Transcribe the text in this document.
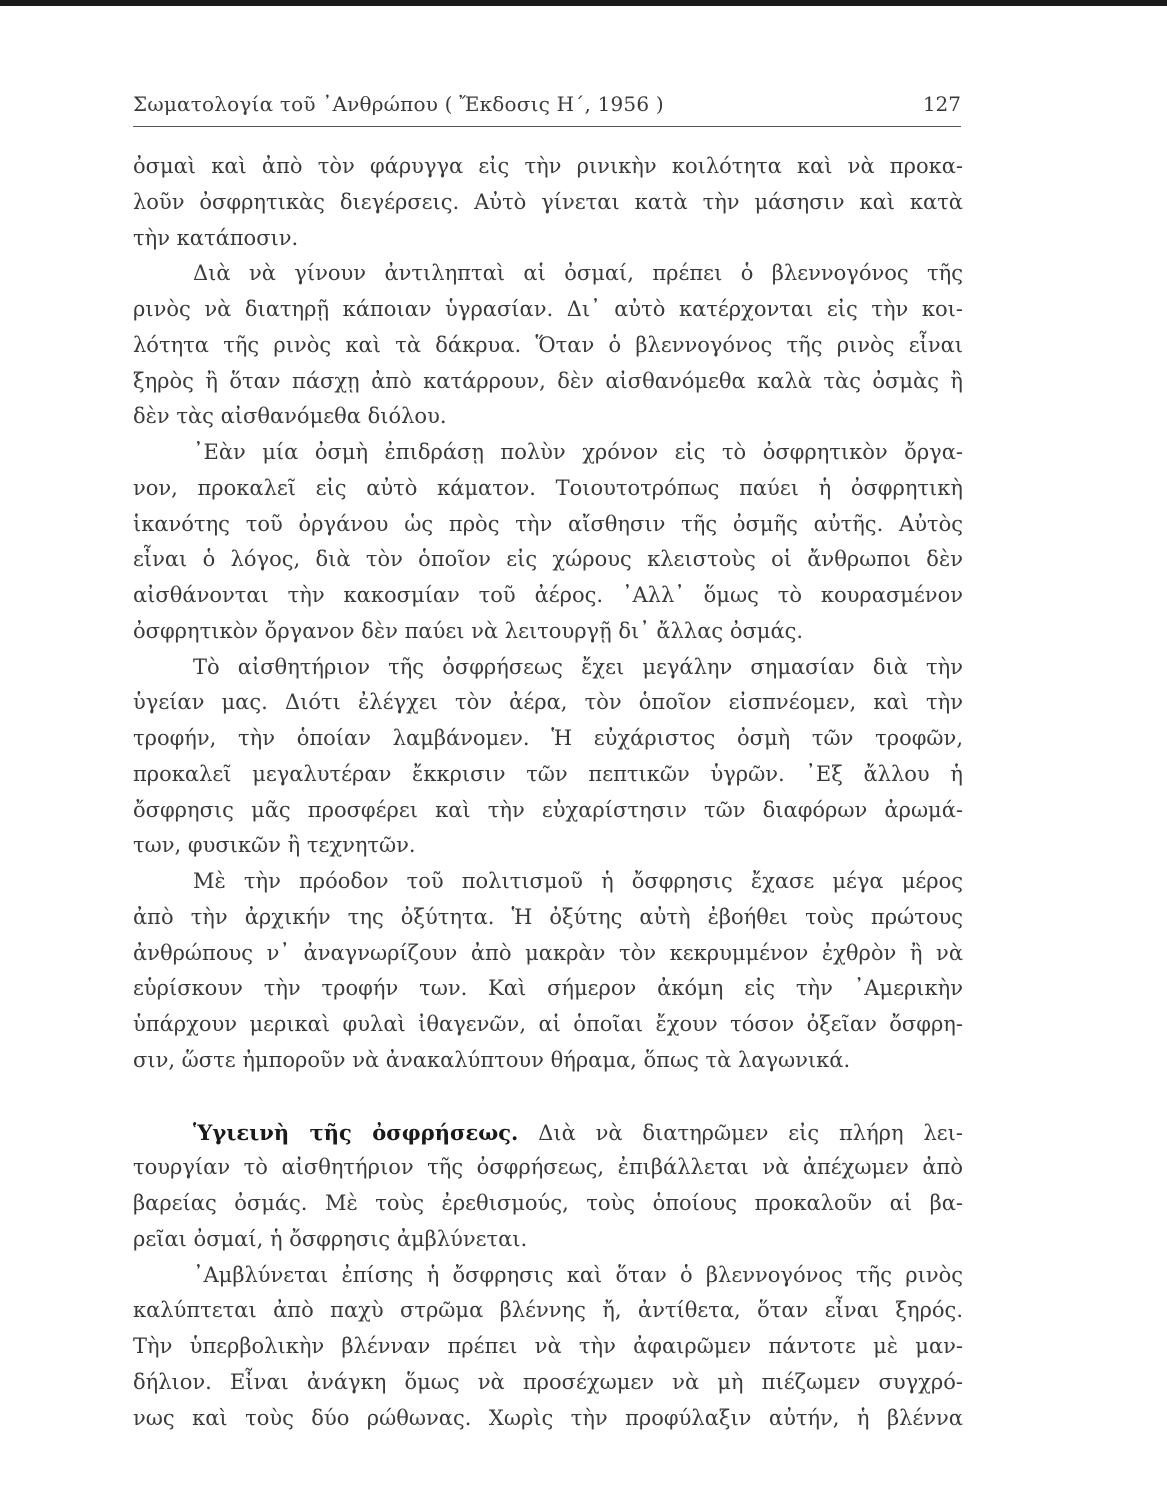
Σωματολογία τοῦ ᾿Ανθρώπου ( Ἔκδοσις Η΄, 1956 )	127
ὀσμαὶ καὶ ἀπὸ τὸν φάρυγγα εἰς τὴν ρινικὴν κοιλότητα καὶ νὰ προκα-
λοῦν ὀσφρητικὰς διεγέρσεις. Αὐτὸ γίνεται κατὰ τὴν μάσησιν καὶ κατὰ
τὴν κατάποσιν.
Διὰ νὰ γίνουν ἀντιληπταὶ αἱ ὀσμαί, πρέπει ὁ βλεννογόνος τῆς
ρινὸς νὰ διατηρῇ κάποιαν ὑγρασίαν. Δι᾽ αὐτὸ κατέρχονται εἰς τὴν κοι-
λότητα τῆς ρινὸς καὶ τὰ δάκρυα. Ὅταν ὁ βλεννογόνος τῆς ρινὸς εἶναι
ξηρὸς ἢ ὅταν πάσχῃ ἀπὸ κατάρρουν, δὲν αἰσθανόμεθα καλὰ τὰς ὀσμὰς ἢ
δὲν τὰς αἰσθανόμεθα διόλου.
᾿Εὰν μία ὀσμὴ ἐπιδράσῃ πολὺν χρόνον εἰς τὸ ὀσφρητικὸν ὄργα-
νον, προκαλεῖ εἰς αὐτὸ κάματον. Τοιουτοτρόπως παύει ἡ ὀσφρητικὴ
ἱκανότης τοῦ ὀργάνου ὡς πρὸς τὴν αἴσθησιν τῆς ὀσμῆς αὐτῆς. Αὐτὸς
εἶναι ὁ λόγος, διὰ τὸν ὁποῖον εἰς χώρους κλειστοὺς οἱ ἄνθρωποι δὲν
αἰσθάνονται τὴν κακοσμίαν τοῦ ἀέρος. ᾿Αλλ᾽ ὅμως τὸ κουρασμένον
ὀσφρητικὸν ὄργανον δὲν παύει νὰ λειτουργῇ δι᾽ ἄλλας ὀσμάς.
Τὸ αἰσθητήριον τῆς ὀσφρήσεως ἔχει μεγάλην σημασίαν διὰ τὴν
ὑγείαν μας. Διότι ἐλέγχει τὸν ἀέρα, τὸν ὁποῖον εἰσπνέομεν, καὶ τὴν
τροφήν, τὴν ὁποίαν λαμβάνομεν. Ἡ εὐχάριστος ὀσμὴ τῶν τροφῶν,
προκαλεῖ μεγαλυτέραν ἔκκρισιν τῶν πεπτικῶν ὑγρῶν. ᾿Εξ ἄλλου ἡ
ὄσφρησις μᾶς προσφέρει καὶ τὴν εὐχαρίστησιν τῶν διαφόρων ἀρωμά-
των, φυσικῶν ἢ τεχνητῶν.
Μὲ τὴν πρόοδον τοῦ πολιτισμοῦ ἡ ὄσφρησις ἔχασε μέγα μέρος
ἀπὸ τὴν ἀρχικήν της ὀξύτητα. Ἡ ὀξύτης αὐτὴ ἐβοήθει τοὺς πρώτους
ἀνθρώπους ν᾽ ἀναγνωρίζουν ἀπὸ μακρὰν τὸν κεκρυμμένον ἐχθρὸν ἢ νὰ
εὑρίσκουν τὴν τροφήν των. Καὶ σήμερον ἀκόμη εἰς τὴν ᾿Αμερικὴν
ὑπάρχουν μερικαὶ φυλαὶ ἰθαγενῶν, αἱ ὁποῖαι ἔχουν τόσον ὀξεῖαν ὄσφρη-
σιν, ὥστε ἠμποροῦν νὰ ἀνακαλύπτουν θήραμα, ὅπως τὰ λαγωνικά.
Ὑγιεινὴ τῆς ὀσφρήσεως. Διὰ νὰ διατηρῶμεν εἰς πλήρη λει-
τουργίαν τὸ αἰσθητήριον τῆς ὀσφρήσεως, ἐπιβάλλεται νὰ ἀπέχωμεν ἀπὸ
βαρείας ὀσμάς. Μὲ τοὺς ἐρεθισμούς, τοὺς ὁποίους προκαλοῦν αἱ βα-
ρεῖαι ὀσμαί, ἡ ὄσφρησις ἀμβλύνεται.
᾿Αμβλύνεται ἐπίσης ἡ ὄσφρησις καὶ ὅταν ὁ βλεννογόνος τῆς ρινὸς
καλύπτεται ἀπὸ παχὺ στρῶμα βλέννης ἤ, ἀντίθετα, ὅταν εἶναι ξηρός.
Τὴν ὑπερβολικὴν βλένναν πρέπει νὰ τὴν ἀφαιρῶμεν πάντοτε μὲ μαν-
δήλιον. Εἶναι ἀνάγκη ὅμως νὰ προσέχωμεν νὰ μὴ πιέζωμεν συγχρό-
νως καὶ τοὺς δύο ρώθωνας. Χωρὶς τὴν προφύλαξιν αὐτήν, ἡ βλέννα
